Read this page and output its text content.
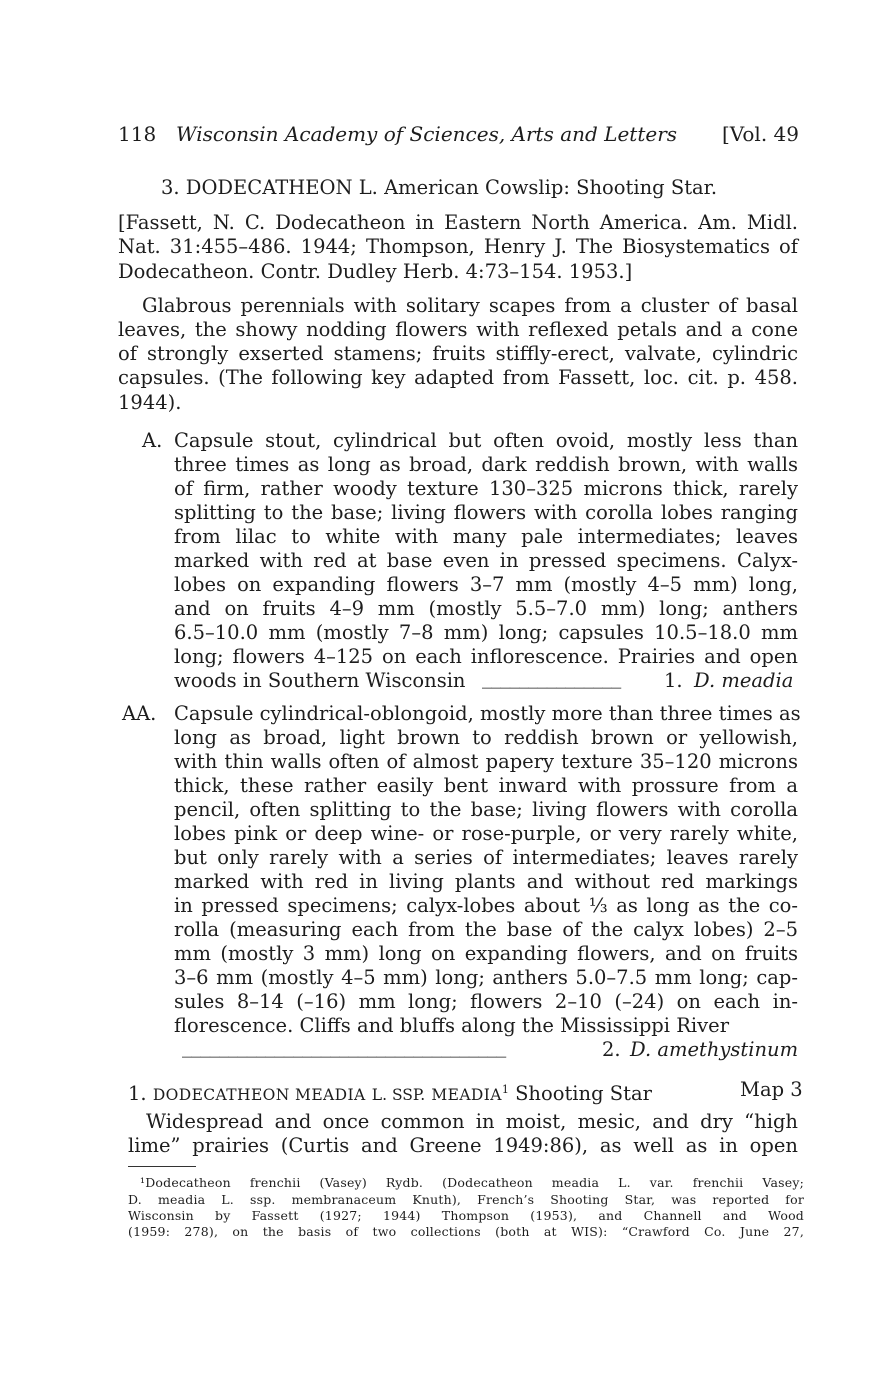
118 Wisconsin Academy of Sciences, Arts and Letters [Vol. 49
3. DODECATHEON L. American Cowslip: Shooting Star.
[Fassett, N. C. Dodecatheon in Eastern North America. Am. Midl.
Nat. 31:455–486. 1944; Thompson, Henry J. The Biosystematics of
Dodecatheon. Contr. Dudley Herb. 4:73–154. 1953.]
Glabrous perennials with solitary scapes from a cluster of basal
leaves, the showy nodding flowers with reflexed petals and a cone
of strongly exserted stamens; fruits stiffly-erect, valvate, cylindric
capsules. (The following key adapted from Fassett, loc. cit. p. 458.
1944).
A. Capsule stout, cylindrical but often ovoid, mostly less than
three times as long as broad, dark reddish brown, with walls
of firm, rather woody texture 130–325 microns thick, rarely
splitting to the base; living flowers with corolla lobes ranging
from lilac to white with many pale intermediates; leaves
marked with red at base even in pressed specimens. Calyx-
lobes on expanding flowers 3–7 mm (mostly 4–5 mm) long,
and on fruits 4–9 mm (mostly 5.5–7.0 mm) long; anthers
6.5–10.0 mm (mostly 7–8 mm) long; capsules 10.5–18.0 mm
long; flowers 4–125 on each inflorescence. Prairies and open
woods in Southern Wisconsin _______________ 1. D. meadia
AA. Capsule cylindrical-oblongoid, mostly more than three times as
long as broad, light brown to reddish brown or yellowish,
with thin walls often of almost papery texture 35–120 microns
thick, these rather easily bent inward with prossure from a
pencil, often splitting to the base; living flowers with corolla
lobes pink or deep wine- or rose-purple, or very rarely white,
but only rarely with a series of intermediates; leaves rarely
marked with red in living plants and without red markings
in pressed specimens; calyx-lobes about ⅓ as long as the co-
rolla (measuring each from the base of the calyx lobes) 2–5
mm (mostly 3 mm) long on expanding flowers, and on fruits
3–6 mm (mostly 4–5 mm) long; anthers 5.0–7.5 mm long; cap-
sules 8–14 (–16) mm long; flowers 2–10 (–24) on each in-
florescence. Cliffs and bluffs along the Mississippi River
___________________________________	2. D. amethystinum
1. DODECATHEON MEADIA L. SSP. MEADIA$^1$ Shooting Star	Map 3
Widespread and once common in moist, mesic, and dry “high
lime” prairies (Curtis and Greene 1949:86), as well as in open
¹Dodecatheon frenchii (Vasey) Rydb. (Dodecatheon meadia L. var. frenchii Vasey;
D. meadia L. ssp. membranaceum Knuth), French’s Shooting Star, was reported for
Wisconsin by Fassett (1927; 1944) Thompson (1953), and Channell and Wood
(1959: 278), on the basis of two collections (both at WIS): “Crawford Co. June 27,
